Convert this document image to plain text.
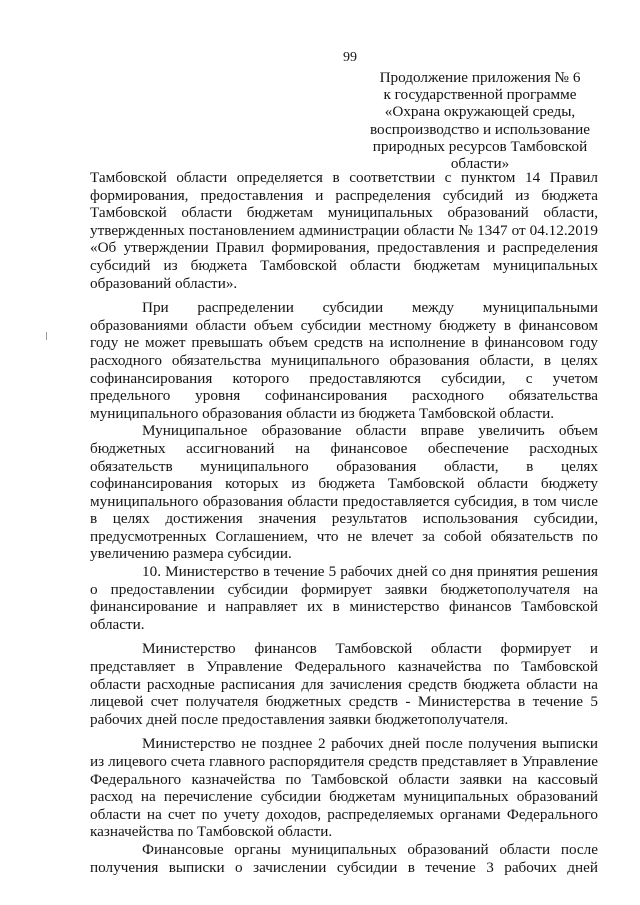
99
Продолжение приложения № 6
к государственной программе
«Охрана окружающей среды,
воспроизводство и использование
природных ресурсов Тамбовской
области»

Тамбовской области определяется в соответствии с пунктом 14 Правил формирования, предоставления и распределения субсидий из бюджета Тамбовской области бюджетам муниципальных образований области, утвержденных постановлением администрации области № 1347 от 04.12.2019 «Об утверждении Правил формирования, предоставления и распределения субсидий из бюджета Тамбовской области бюджетам муниципальных образований области».

При распределении субсидии между муниципальными образованиями области объем субсидии местному бюджету в финансовом году не может превышать объем средств на исполнение в финансовом году расходного обязательства муниципального образования области, в целях софинансирования которого предоставляются субсидии, с учетом предельного уровня софинансирования расходного обязательства муниципального образования области из бюджета Тамбовской области.

Муниципальное образование области вправе увеличить объем бюджетных ассигнований на финансовое обеспечение расходных обязательств муниципального образования области, в целях софинансирования которых из бюджета Тамбовской области бюджету муниципального образования области предоставляется субсидия, в том числе в целях достижения значения результатов использования субсидии, предусмотренных Соглашением, что не влечет за собой обязательств по увеличению размера субсидии.

10. Министерство в течение 5 рабочих дней со дня принятия решения о предоставлении субсидии формирует заявки бюджетополучателя на финансирование и направляет их в министерство финансов Тамбовской области.

Министерство финансов Тамбовской области формирует и представляет в Управление Федерального казначейства по Тамбовской области расходные расписания для зачисления средств бюджета области на лицевой счет получателя бюджетных средств - Министерства в течение 5 рабочих дней после предоставления заявки бюджетополучателя.

Министерство не позднее 2 рабочих дней после получения выписки из лицевого счета главного распорядителя средств представляет в Управление Федерального казначейства по Тамбовской области заявки на кассовый расход на перечисление субсидии бюджетам муниципальных образований области на счет по учету доходов, распределяемых органами Федерального казначейства по Тамбовской области.

Финансовые органы муниципальных образований области после получения выписки о зачислении субсидии в течение 3 рабочих дней
